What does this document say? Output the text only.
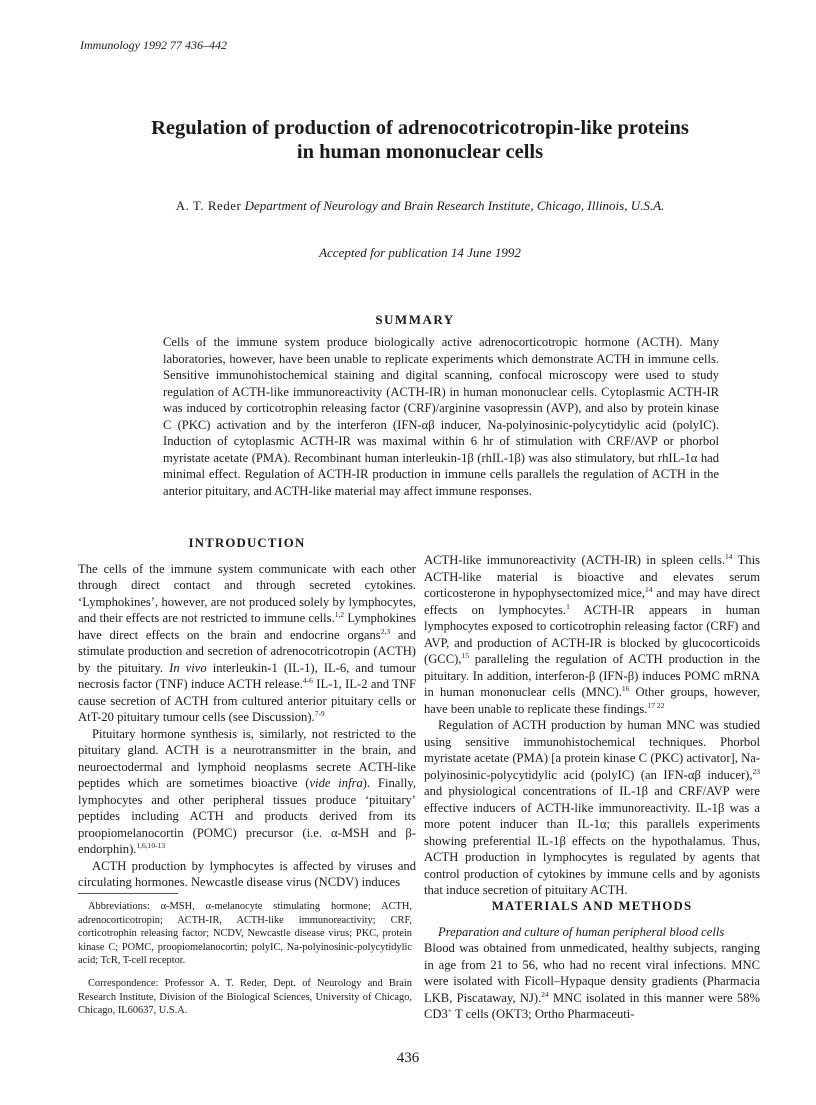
Immunology 1992 77 436–442
Regulation of production of adrenocotricotropin-like proteins
in human mononuclear cells
A. T. Reder Department of Neurology and Brain Research Institute, Chicago, Illinois, U.S.A.
Accepted for publication 14 June 1992
SUMMARY

Cells of the immune system produce biologically active adrenocorticotropic hormone (ACTH). Many laboratories, however, have been unable to replicate experiments which demonstrate ACTH in immune cells. Sensitive immunohistochemical staining and digital scanning, confocal microscopy were used to study regulation of ACTH-like immunoreactivity (ACTH-IR) in human mononuclear cells. Cytoplasmic ACTH-IR was induced by corticotrophin releasing factor (CRF)/arginine vasopressin (AVP), and also by protein kinase C (PKC) activation and by the interferon (IFN-αβ inducer, Na-polyinosinic-polycytidylic acid (polyIC). Induction of cytoplasmic ACTH-IR was maximal within 6 hr of stimulation with CRF/AVP or phorbol myristate acetate (PMA). Recombinant human interleukin-1β (rhIL-1β) was also stimulatory, but rhIL-1α had minimal effect. Regulation of ACTH-IR production in immune cells parallels the regulation of ACTH in the anterior pituitary, and ACTH-like material may affect immune responses.

INTRODUCTION

The cells of the immune system communicate with each other through direct contact and through secreted cytokines. ‘Lymphokines’, however, are not produced solely by lymphocytes, and their effects are not restricted to immune cells.$^{1,2}$ Lymphokines have direct effects on the brain and endocrine organs$^{2,3}$ and stimulate production and secretion of adrenocotricotropin (ACTH) by the pituitary. In vivo interleukin-1 (IL-1), IL-6, and tumour necrosis factor (TNF) induce ACTH release.$^{4-6}$ IL-1, IL-2 and TNF cause secretion of ACTH from cultured anterior pituitary cells or AtT-20 pituitary tumour cells (see Discussion).$^{7-9}$

Pituitary hormone synthesis is, similarly, not restricted to the pituitary gland. ACTH is a neurotransmitter in the brain, and neuroectodermal and lymphoid neoplasms secrete ACTH-like peptides which are sometimes bioactive (vide infra). Finally, lymphocytes and other peripheral tissues produce ‘pituitary’ peptides including ACTH and products derived from its proopiomelanocortin (POMC) precursor (i.e. α-MSH and β-endorphin).$^{1,6,10-13}$

ACTH production by lymphocytes is affected by viruses and circulating hormones. Newcastle disease virus (NCDV) induces

ACTH-like immunoreactivity (ACTH-IR) in spleen cells.$^{14}$ This ACTH-like material is bioactive and elevates serum corticosterone in hypophysectomized mice,$^{14}$ and may have direct effects on lymphocytes.$^1$ ACTH-IR appears in human lymphocytes exposed to corticotrophin releasing factor (CRF) and AVP, and production of ACTH-IR is blocked by glucocorticoids (GCC),$^{15}$ paralleling the regulation of ACTH production in the pituitary. In addition, interferon-β (IFN-β) induces POMC mRNA in human mononuclear cells (MNC).$^{16}$ Other groups, however, have been unable to replicate these findings.$^{17 22}$

Regulation of ACTH production by human MNC was studied using sensitive immunohistochemical techniques. Phorbol myristate acetate (PMA) [a protein kinase C (PKC) activator], Na-polyinosinic-polycytidylic acid (polyIC) (an IFN-αβ inducer),$^{23}$ and physiological concentrations of IL-1β and CRF/AVP were effective inducers of ACTH-like immunoreactivity. IL-1β was a more potent inducer than IL-1α; this parallels experiments showing preferential IL-1β effects on the hypothalamus. Thus, ACTH production in lymphocytes is regulated by agents that control production of cytokines by immune cells and by agonists that induce secretion of pituitary ACTH.

MATERIALS AND METHODS

Preparation and culture of human peripheral blood cells

Blood was obtained from unmedicated, healthy subjects, ranging in age from 21 to 56, who had no recent viral infections. MNC were isolated with Ficoll–Hypaque density gradients (Pharmacia LKB, Piscataway, NJ).$^{24}$ MNC isolated in this manner were 58% CD3+ T cells (OKT3; Ortho Pharmaceuti-

Abbreviations: α-MSH, α-melanocyte stimulating hormone; ACTH, adrenocorticotropin; ACTH-IR, ACTH-like immunoreactivity; CRF, corticotrophin releasing factor; NCDV, Newcastle disease virus; PKC, protein kinase C; POMC, proopiomelanocortin; polyIC, Na-polyinosinic-polycytidylic acid; TcR, T-cell receptor.

Correspondence: Professor A. T. Reder, Dept. of Neurology and Brain Research Institute, Division of the Biological Sciences, University of Chicago, Chicago, IL60637, U.S.A.

436
